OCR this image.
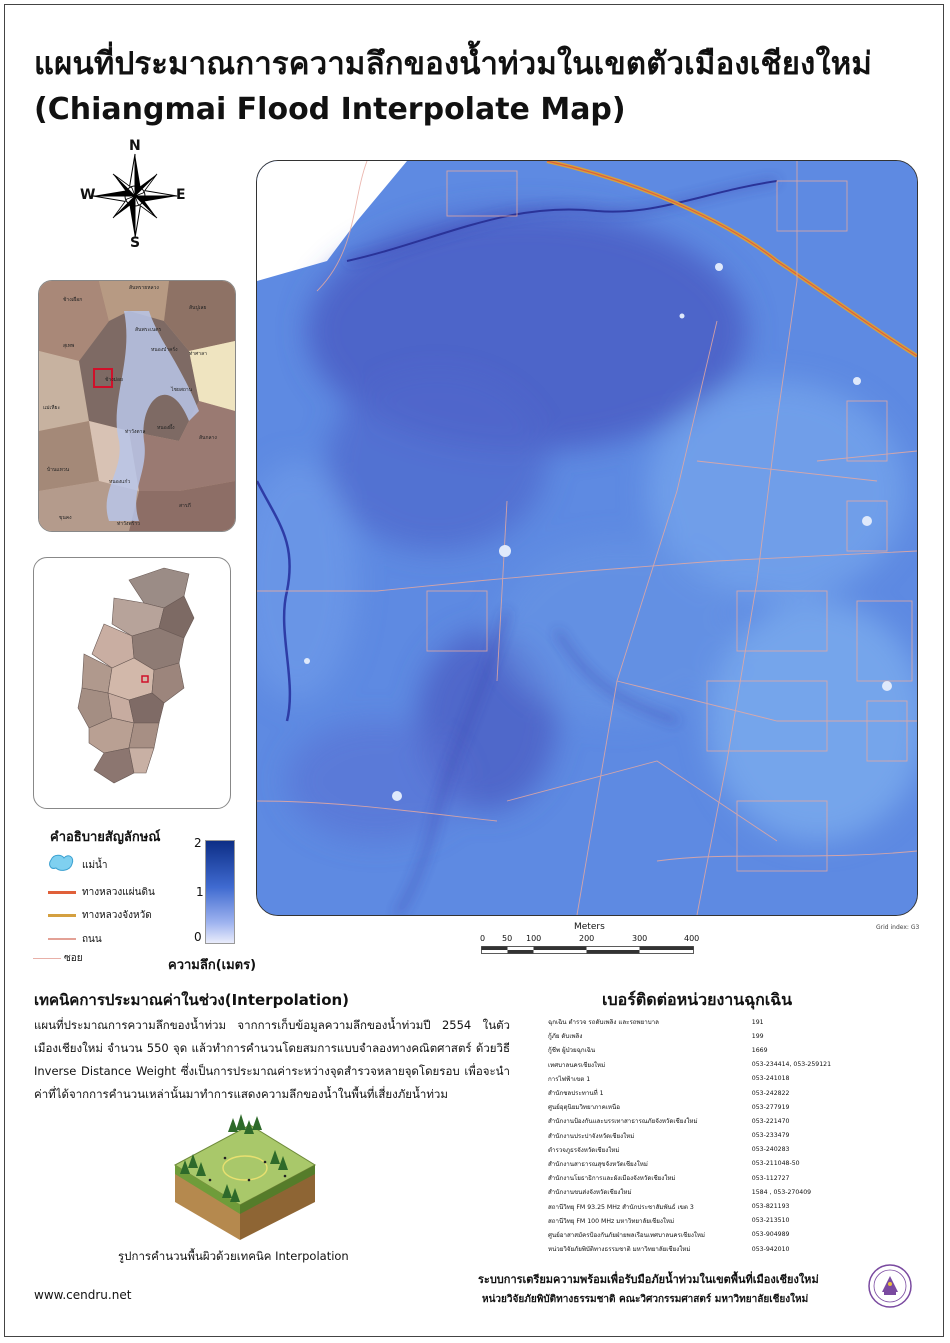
แผนที่ประมาณการความลึกของน้ำท่วมในเขตตัวเมืองเชียงใหม่
(Chiangmai Flood Interpolate Map)
N
S
E
W
ช้างเผือก
สันทรายหลวง
สันปูเลย
สันพระเนตร
สุเทพ
หนองป่าครั่ง
ท่าศาลา
ช้างม่อย
ไชยสถาน
แม่เหียะ
ท่าวังตาล
หนองผึ้ง
สันกลาง
บ้านแหวน
หนองแก๋ว
สารภี
ขุนคง
ท่าวังพร้าว
Grid index: G3
คำอธิบายสัญลักษณ์
แม่น้ำ
ทางหลวงแผ่นดิน
ทางหลวงจังหวัด
ถนน
ซอย
2
1
0
ความลึก(เมตร)
Meters
0 50 100	200	300	400
เทคนิคการประมาณค่าในช่วง(Interpolation)
แผนที่ประมาณการความลึกของน้ำท่วม จากการเก็บข้อมูลความลึกของน้ำท่วมปี 2554 ในตัวเมืองเชียงใหม่ จำนวน 550 จุด แล้วทำการคำนวนโดยสมการแบบจำลองทางคณิตศาสตร์ ด้วยวิธี Inverse Distance Weight ซึ่งเป็นการประมาณค่าระหว่างจุดสำรวจหลายจุดโดยรอบ เพื่อจะนำค่าที่ได้จากการคำนวนเหล่านั้นมาทำการแสดงความลึกของน้ำในพื้นที่เสี่ยงภัยน้ำท่วม
รูปการคำนวนพื้นผิวด้วยเทคนิค Interpolation
www.cendru.net
เบอร์ติดต่อหน่วยงานฉุกเฉิน
ฉุกเฉิน ตำรวจ รถดับเพลิง และรถพยาบาล	191
กู้ภัย ดับเพลิง	199
กู้ชีพ ผู้ป่วยฉุกเฉิน	1669
เทศบาลนครเชียงใหม่	053-234414, 053-259121
การไฟฟ้าเขต 1	053-241018
สำนักชลประทานที่ 1	053-242822
ศูนย์อุตุนิยมวิทยาภาคเหนือ	053-277919
สำนักงานป้องกันและบรรเทาสาธารณภัยจังหวัดเชียงใหม่	053-221470
สำนักงานประปาจังหวัดเชียงใหม่	053-233479
ตำรวจภูธรจังหวัดเชียงใหม่	053-240283
สำนักงานสาธารณสุขจังหวัดเชียงใหม่	053-211048-50
สำนักงานโยธาธิการและผังเมืองจังหวัดเชียงใหม่	053-112727
สำนักงานขนส่งจังหวัดเชียงใหม่	1584 , 053-270409
สถานีวิทยุ FM 93.25 MHz สำนักประชาสัมพันธ์ เขต 3	053-821193
สถานีวิทยุ FM 100 MHz มหาวิทยาลัยเชียงใหม่	053-213510
ศูนย์อาสาสมัครป้องกันภัยฝ่ายพลเรือนเทศบาลนครเชียงใหม่	053-904989
หน่วยวิจัยภัยพิบัติทางธรรมชาติ มหาวิทยาลัยเชียงใหม่	053-942010
ระบบการเตรียมความพร้อมเพื่อรับมือภัยน้ำท่วมในเขตพื้นที่เมืองเชียงใหม่
หน่วยวิจัยภัยพิบัติทางธรรมชาติ คณะวิศวกรรมศาสตร์ มหาวิทยาลัยเชียงใหม่
